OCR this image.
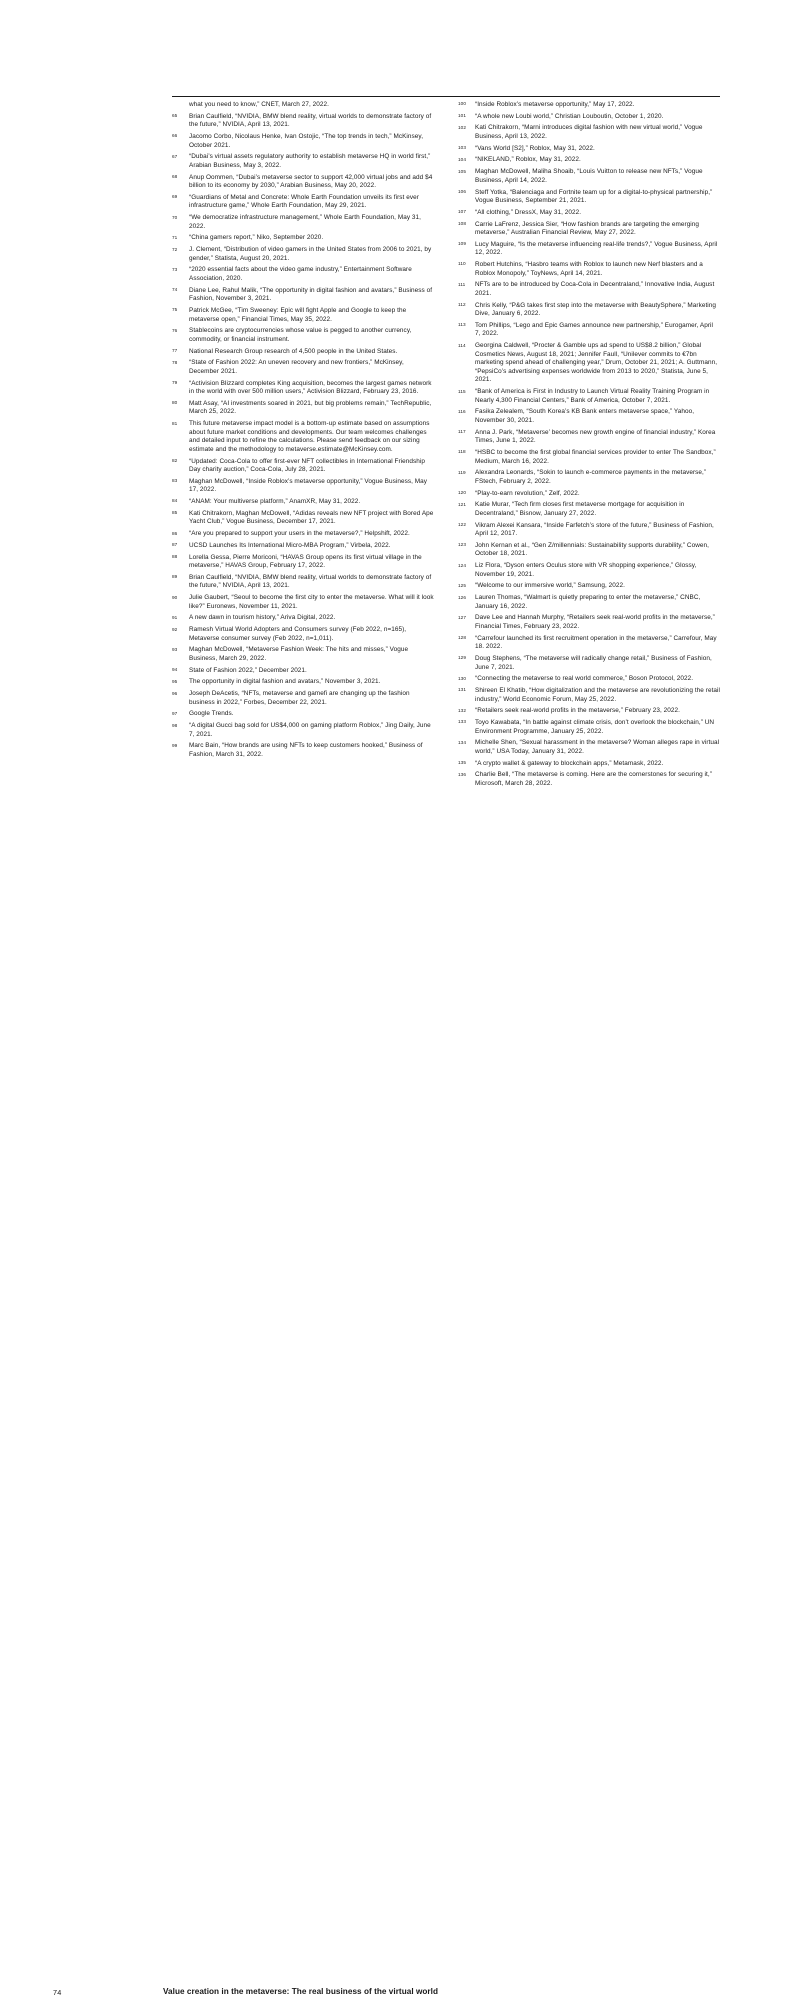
what you need to know,” CNET, March 27, 2022.
65	Brian Caulfield, “NVIDIA, BMW blend reality, virtual worlds to demonstrate factory of the future,” NVIDIA, April 13, 2021.
66	Jacomo Corbo, Nicolaus Henke, Ivan Ostojic, “The top trends in tech,” McKinsey, October 2021.
67	“Dubai’s virtual assets regulatory authority to establish metaverse HQ in world first,” Arabian Business, May 3, 2022.
68	Anup Oommen, “Dubai’s metaverse sector to support 42,000 virtual jobs and add $4 billion to its economy by 2030,” Arabian Business, May 20, 2022.
69	“Guardians of Metal and Concrete: Whole Earth Foundation unveils its first ever infrastructure game,” Whole Earth Foundation, May 29, 2021.
70	“We democratize infrastructure management,” Whole Earth Foundation, May 31, 2022.
71	“China gamers report,” Niko, September 2020.
72	J. Clement, “Distribution of video gamers in the United States from 2006 to 2021, by gender,” Statista, August 20, 2021.
73	“2020 essential facts about the video game industry,” Entertainment Software Association, 2020.
74	Diane Lee, Rahul Malik, “The opportunity in digital fashion and avatars,” Business of Fashion, November 3, 2021.
75	Patrick McGee, “Tim Sweeney: Epic will fight Apple and Google to keep the metaverse open,” Financial Times, May 35, 2022.
76	Stablecoins are cryptocurrencies whose value is pegged to another currency, commodity, or financial instrument.
77	National Research Group research of 4,500 people in the United States.
78	“State of Fashion 2022: An uneven recovery and new frontiers,” McKinsey, December 2021.
79	“Activision Blizzard completes King acquisition, becomes the largest games network in the world with over 500 million users,” Activision Blizzard, February 23, 2016.
80	Matt Asay, “AI investments soared in 2021, but big problems remain,” TechRepublic, March 25, 2022.
81	This future metaverse impact model is a bottom-up estimate based on assumptions about future market conditions and developments. Our team welcomes challenges and detailed input to refine the calculations. Please send feedback on our sizing estimate and the methodology to metaverse.estimate@McKinsey.com.
82	“Updated: Coca-Cola to offer first-ever NFT collectibles in International Friendship Day charity auction,” Coca-Cola, July 28, 2021.
83	Maghan McDowell, “Inside Roblox’s metaverse opportunity,” Vogue Business, May 17, 2022.
84	“ANAM: Your multiverse platform,” AnamXR, May 31, 2022.
85	Kati Chitrakorn, Maghan McDowell, “Adidas reveals new NFT project with Bored Ape Yacht Club,” Vogue Business, December 17, 2021.
86	“Are you prepared to support your users in the metaverse?,” Helpshift, 2022.
87	UCSD Launches Its International Micro-MBA Program,” Virbela, 2022.
88	Lorella Gessa, Pierre Moriconi, “HAVAS Group opens its first virtual village in the metaverse,” HAVAS Group, February 17, 2022.
89	Brian Caulfield, “NVIDIA, BMW blend reality, virtual worlds to demonstrate factory of the future,” NVIDIA, April 13, 2021.
90	Julie Gaubert, “Seoul to become the first city to enter the metaverse. What will it look like?” Euronews, November 11, 2021.
91	A new dawn in tourism history,” Ariva Digital, 2022.
92	Ramesh Virtual World Adopters and Consumers survey (Feb 2022, n=165), Metaverse consumer survey (Feb 2022, n=1,011).
93	Maghan McDowell, “Metaverse Fashion Week: The hits and misses,” Vogue Business, March 29, 2022.
94	State of Fashion 2022,” December 2021.
95	The opportunity in digital fashion and avatars,” November 3, 2021.
96	Joseph DeAcetis, “NFTs, metaverse and gamefi are changing up the fashion business in 2022,” Forbes, December 22, 2021.
97	Google Trends.
98	“A digital Gucci bag sold for US$4,000 on gaming platform Roblox,” Jing Daily, June 7, 2021.
99	Marc Bain, “How brands are using NFTs to keep customers hooked,” Business of Fashion, March 31, 2022.
100	“Inside Roblox’s metaverse opportunity,” May 17, 2022.
101	“A whole new Loubi world,” Christian Louboutin, October 1, 2020.
102	Kati Chitrakorn, “Marni introduces digital fashion with new virtual world,” Vogue Business, April 13, 2022.
103	“Vans World [S2],” Roblox, May 31, 2022.
104	“NIKELAND,” Roblox, May 31, 2022.
105	Maghan McDowell, Maliha Shoaib, “Louis Vuitton to release new NFTs,” Vogue Business, April 14, 2022.
106	Steff Yotka, “Balenciaga and Fortnite team up for a digital-to-physical partnership,” Vogue Business, September 21, 2021.
107	“All clothing,” DressX, May 31, 2022.
108	Carrie LaFrenz, Jessica Sier, “How fashion brands are targeting the emerging metaverse,” Australian Financial Review, May 27, 2022.
109	Lucy Maguire, “Is the metaverse influencing real-life trends?,” Vogue Business, April 12, 2022.
110	Robert Hutchins, “Hasbro teams with Roblox to launch new Nerf blasters and a Roblox Monopoly,” ToyNews, April 14, 2021.
111	NFTs are to be introduced by Coca-Cola in Decentraland,” Innovative India, August 2021.
112	Chris Kelly, “P&G takes first step into the metaverse with BeautySphere,” Marketing Dive, January 6, 2022.
113	Tom Phillips, “Lego and Epic Games announce new partnership,” Eurogamer, April 7, 2022.
114	Georgina Caldwell, “Procter & Gamble ups ad spend to US$8.2 billion,” Global Cosmetics News, August 18, 2021; Jennifer Faull, “Unilever commits to €7bn marketing spend ahead of challenging year,” Drum, October 21, 2021; A. Guttmann, “PepsiCo’s advertising expenses worldwide from 2013 to 2020,” Statista, June 5, 2021.
115	“Bank of America is First in Industry to Launch Virtual Reality Training Program in Nearly 4,300 Financial Centers,” Bank of America, October 7, 2021.
116	Fasika Zelealem, “South Korea’s KB Bank enters metaverse space,” Yahoo, November 30, 2021.
117	Anna J. Park, “Metaverse’ becomes new growth engine of financial industry,” Korea Times, June 1, 2022.
118	“HSBC to become the first global financial services provider to enter The Sandbox,” Medium, March 16, 2022.
119	Alexandra Leonards, “Sokin to launch e-commerce payments in the metaverse,” FStech, February 2, 2022.
120	“Play-to-earn revolution,” Zelf, 2022.
121	Katie Murar, “Tech firm closes first metaverse mortgage for acquisition in Decentraland,” Bisnow, January 27, 2022.
122	Vikram Alexei Kansara, “Inside Farfetch’s store of the future,” Business of Fashion, April 12, 2017.
123	John Kernan et al., “Gen Z/millennials: Sustainability supports durability,” Cowen, October 18, 2021.
124	Liz Flora, “Dyson enters Oculus store with VR shopping experience,” Glossy, November 19, 2021.
125	“Welcome to our immersive world,” Samsung, 2022.
126	Lauren Thomas, “Walmart is quietly preparing to enter the metaverse,” CNBC, January 16, 2022.
127	Dave Lee and Hannah Murphy, “Retailers seek real-world profits in the metaverse,” Financial Times, February 23, 2022.
128	“Carrefour launched its first recruitment operation in the metaverse,” Carrefour, May 18. 2022.
129	Doug Stephens, “The metaverse will radically change retail,” Business of Fashion, June 7, 2021.
130	“Connecting the metaverse to real world commerce,” Boson Protocol, 2022.
131	Shireen El Khatib, “How digitalization and the metaverse are revolutionizing the retail industry,” World Economic Forum, May 25, 2022.
132	“Retailers seek real-world profits in the metaverse,” February 23, 2022.
133	Toyo Kawabata, “In battle against climate crisis, don’t overlook the blockchain,” UN Environment Programme, January 25, 2022.
134	Michelle Shen, “Sexual harassment in the metaverse? Woman alleges rape in virtual world,” USA Today, January 31, 2022.
135	“A crypto wallet & gateway to blockchain apps,” Metamask, 2022.
136	Charlie Bell, “The metaverse is coming. Here are the cornerstones for securing it,” Microsoft, March 28, 2022.
74	Value creation in the metaverse: The real business of the virtual world
